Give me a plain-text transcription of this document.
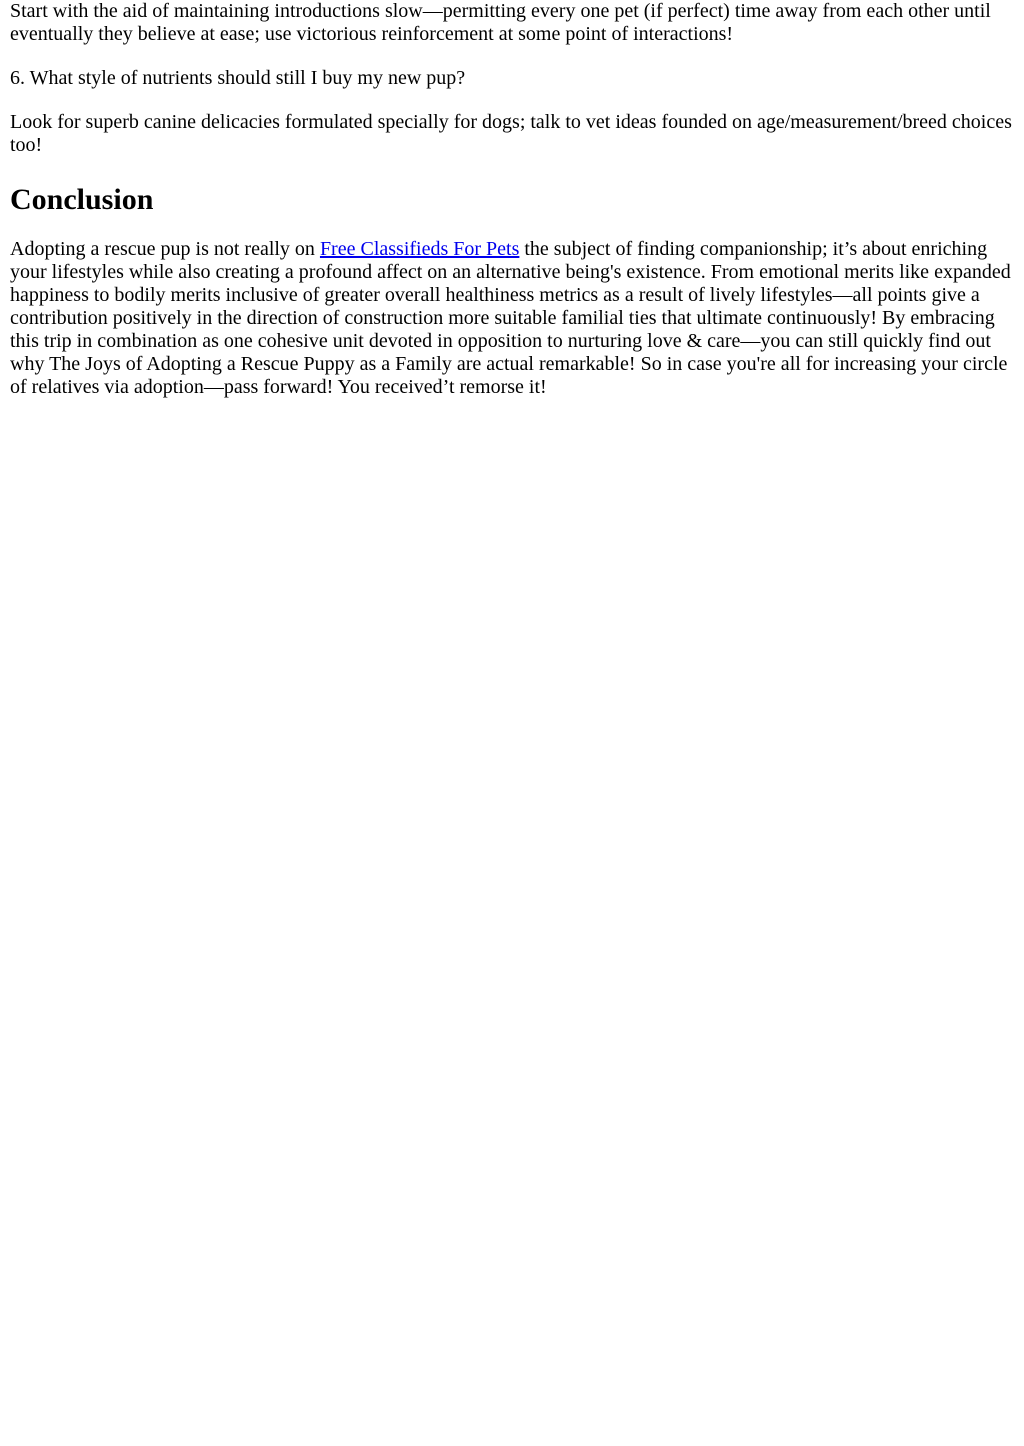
Start with the aid of maintaining introductions slow—permitting every one pet (if perfect) time away from each other until eventually they believe at ease; use victorious reinforcement at some point of interactions!

6. What style of nutrients should still I buy my new pup?

Look for superb canine delicacies formulated specially for dogs; talk to vet ideas founded on age/measurement/breed choices too!

Conclusion

Adopting a rescue pup is not really on Free Classifieds For Pets the subject of finding companionship; it’s about enriching your lifestyles while also creating a profound affect on an alternative being's existence. From emotional merits like expanded happiness to bodily merits inclusive of greater overall healthiness metrics as a result of lively lifestyles—all points give a contribution positively in the direction of construction more suitable familial ties that ultimate continuously! By embracing this trip in combination as one cohesive unit devoted in opposition to nurturing love & care—you can still quickly find out why The Joys of Adopting a Rescue Puppy as a Family are actual remarkable! So in case you're all for increasing your circle of relatives via adoption—pass forward! You received’t remorse it!
